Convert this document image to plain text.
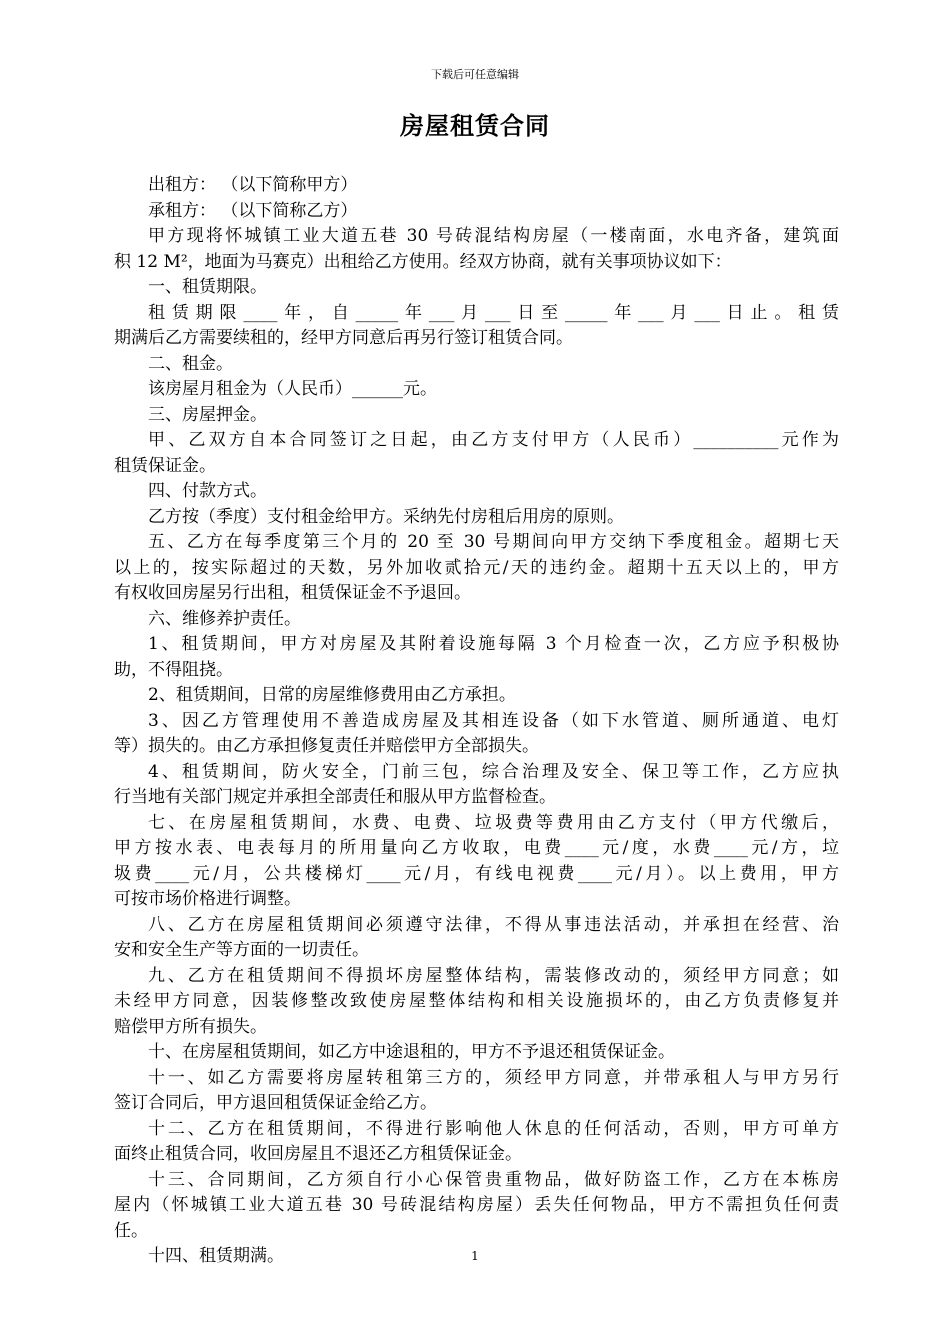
下载后可任意编辑
房屋租赁合同
出租方： （以下简称甲方）
承租方： （以下简称乙方）
甲方现将怀城镇工业大道五巷 30 号砖混结构房屋（一楼南面，水电齐备，建筑面
积 12 M²，地面为马赛克）出租给乙方使用。经双方协商，就有关事项协议如下：
一、租赁期限。
租赁期限____年，自_____年___月___日至_____年___月___日止。租赁
期满后乙方需要续租的，经甲方同意后再另行签订租赁合同。
二、租金。
该房屋月租金为（人民币）______元。
三、房屋押金。
甲、乙双方自本合同签订之日起，由乙方支付甲方（人民币）__________元作为
租赁保证金。
四、付款方式。
乙方按（季度）支付租金给甲方。采纳先付房租后用房的原则。
五、乙方在每季度第三个月的 20 至 30 号期间向甲方交纳下季度租金。超期七天
以上的，按实际超过的天数，另外加收贰拾元/天的违约金。超期十五天以上的，甲方
有权收回房屋另行出租，租赁保证金不予退回。
六、维修养护责任。
1、租赁期间，甲方对房屋及其附着设施每隔 3 个月检查一次，乙方应予积极协
助，不得阻挠。
2、租赁期间，日常的房屋维修费用由乙方承担。
3、因乙方管理使用不善造成房屋及其相连设备（如下水管道、厕所通道、电灯
等）损失的。由乙方承担修复责任并赔偿甲方全部损失。
4、租赁期间，防火安全，门前三包，综合治理及安全、保卫等工作，乙方应执
行当地有关部门规定并承担全部责任和服从甲方监督检查。
七、在房屋租赁期间，水费、电费、垃圾费等费用由乙方支付（甲方代缴后，
甲方按水表、电表每月的所用量向乙方收取，电费____元/度，水费____元/方，垃
圾费____元/月，公共楼梯灯____元/月，有线电视费____元/月）。以上费用，甲方
可按市场价格进行调整。
八、乙方在房屋租赁期间必须遵守法律，不得从事违法活动，并承担在经营、治
安和安全生产等方面的一切责任。
九、乙方在租赁期间不得损坏房屋整体结构，需装修改动的，须经甲方同意；如
未经甲方同意，因装修整改致使房屋整体结构和相关设施损坏的，由乙方负责修复并
赔偿甲方所有损失。
十、在房屋租赁期间，如乙方中途退租的，甲方不予退还租赁保证金。
十一、如乙方需要将房屋转租第三方的，须经甲方同意，并带承租人与甲方另行
签订合同后，甲方退回租赁保证金给乙方。
十二、乙方在租赁期间，不得进行影响他人休息的任何活动，否则，甲方可单方
面终止租赁合同，收回房屋且不退还乙方租赁保证金。
十三、合同期间，乙方须自行小心保管贵重物品，做好防盗工作，乙方在本栋房
屋内（怀城镇工业大道五巷 30 号砖混结构房屋）丢失任何物品，甲方不需担负任何责
任。
十四、租赁期满。	1
